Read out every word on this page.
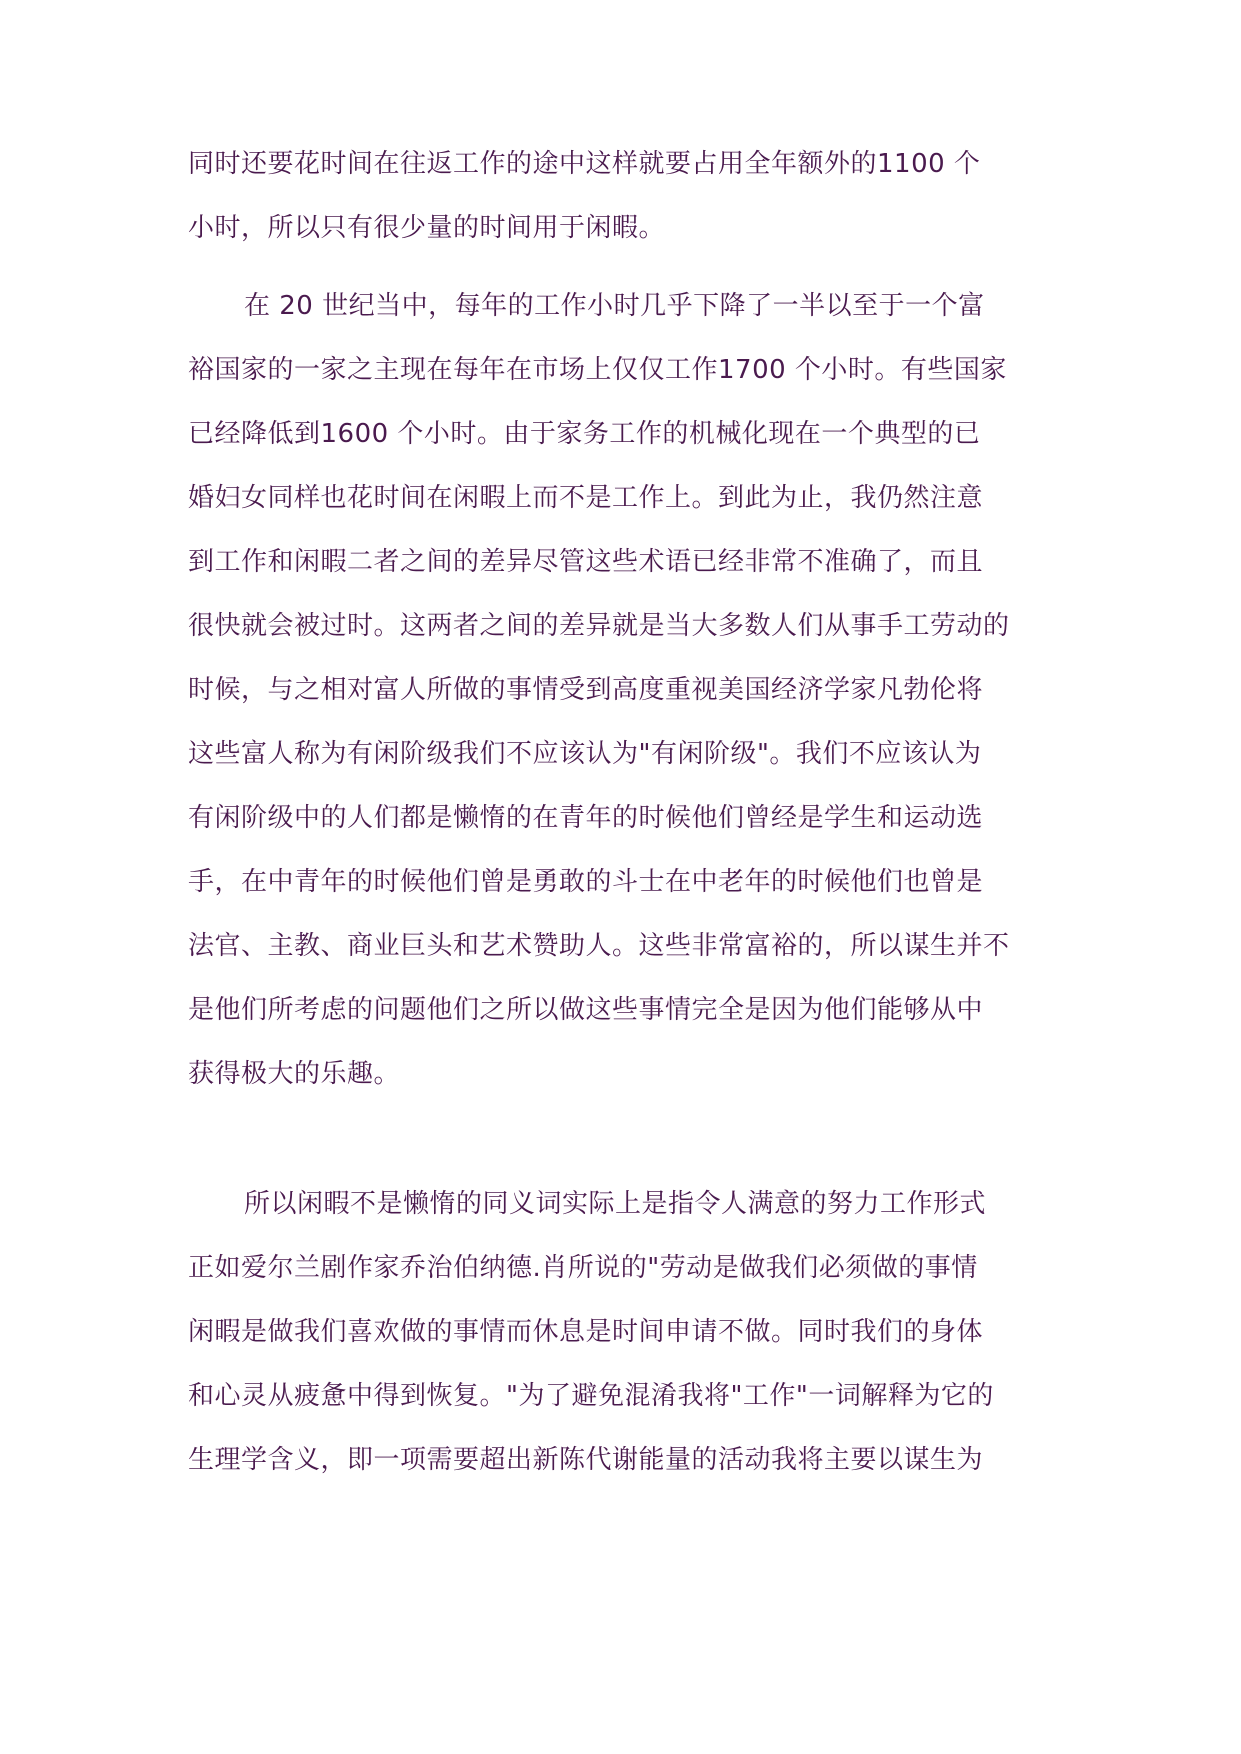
同时还要花时间在往返工作的途中这样就要占用全年额外的1100 个
小时，所以只有很少量的时间用于闲暇。
在 20 世纪当中，每年的工作小时几乎下降了一半以至于一个富
裕国家的一家之主现在每年在市场上仅仅工作1700 个小时。有些国家
已经降低到1600 个小时。由于家务工作的机械化现在一个典型的已
婚妇女同样也花时间在闲暇上而不是工作上。到此为止，我仍然注意
到工作和闲暇二者之间的差异尽管这些术语已经非常不准确了，而且
很快就会被过时。这两者之间的差异就是当大多数人们从事手工劳动的
时候，与之相对富人所做的事情受到高度重视美国经济学家凡勃伦将
这些富人称为有闲阶级我们不应该认为"有闲阶级"。我们不应该认为
有闲阶级中的人们都是懒惰的在青年的时候他们曾经是学生和运动选
手，在中青年的时候他们曾是勇敢的斗士在中老年的时候他们也曾是
法官、主教、商业巨头和艺术赞助人。这些非常富裕的，所以谋生并不
是他们所考虑的问题他们之所以做这些事情完全是因为他们能够从中
获得极大的乐趣。
所以闲暇不是懒惰的同义词实际上是指令人满意的努力工作形式
正如爱尔兰剧作家乔治伯纳德.肖所说的"劳动是做我们必须做的事情
闲暇是做我们喜欢做的事情而休息是时间申请不做。同时我们的身体
和心灵从疲惫中得到恢复。"为了避免混淆我将"工作"一词解释为它的
生理学含义，即一项需要超出新陈代谢能量的活动我将主要以谋生为
